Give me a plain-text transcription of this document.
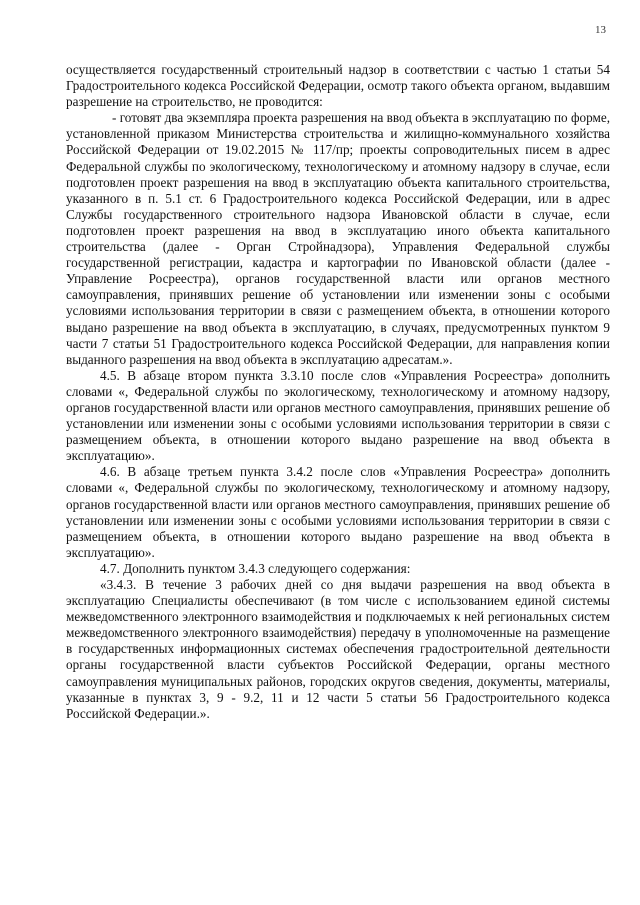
13

осуществляется государственный строительный надзор в соответствии с частью 1 статьи 54 Градостроительного кодекса Российской Федерации, осмотр такого объекта органом, выдавшим разрешение на строительство, не проводится:

- готовят два экземпляра проекта разрешения на ввод объекта в эксплуатацию по форме, установленной приказом Министерства строительства и жилищно-коммунального хозяйства Российской Федерации от 19.02.2015 № 117/пр; проекты сопроводительных писем в адрес Федеральной службы по экологическому, технологическому и атомному надзору в случае, если подготовлен проект разрешения на ввод в эксплуатацию объекта капитального строительства, указанного в п. 5.1 ст. 6 Градостроительного кодекса Российской Федерации, или в адрес Службы государственного строительного надзора Ивановской области в случае, если подготовлен проект разрешения на ввод в эксплуатацию иного объекта капитального строительства (далее - Орган Стройнадзора), Управления Федеральной службы государственной регистрации, кадастра и картографии по Ивановской области (далее - Управление Росреестра), органов государственной власти или органов местного самоуправления, принявших решение об установлении или изменении зоны с особыми условиями использования территории в связи с размещением объекта, в отношении которого выдано разрешение на ввод объекта в эксплуатацию, в случаях, предусмотренных пунктом 9 части 7 статьи 51 Градостроительного кодекса Российской Федерации, для направления копии выданного разрешения на ввод объекта в эксплуатацию адресатам.».

4.5. В абзаце втором пункта 3.3.10 после слов «Управления Росреестра» дополнить словами «, Федеральной службы по экологическому, технологическому и атомному надзору, органов государственной власти или органов местного самоуправления, принявших решение об установлении или изменении зоны с особыми условиями использования территории в связи с размещением объекта, в отношении которого выдано разрешение на ввод объекта в эксплуатацию».

4.6. В абзаце третьем пункта 3.4.2 после слов «Управления Росреестра» дополнить словами «, Федеральной службы по экологическому, технологическому и атомному надзору, органов государственной власти или органов местного самоуправления, принявших решение об установлении или изменении зоны с особыми условиями использования территории в связи с размещением объекта, в отношении которого выдано разрешение на ввод объекта в эксплуатацию».

4.7. Дополнить пунктом 3.4.3 следующего содержания:

«3.4.3. В течение 3 рабочих дней со дня выдачи разрешения на ввод объекта в эксплуатацию Специалисты обеспечивают (в том числе с использованием единой системы межведомственного электронного взаимодействия и подключаемых к ней региональных систем межведомственного электронного взаимодействия) передачу в уполномоченные на размещение в государственных информационных системах обеспечения градостроительной деятельности органы государственной власти субъектов Российской Федерации, органы местного самоуправления муниципальных районов, городских округов сведения, документы, материалы, указанные в пунктах 3, 9 - 9.2, 11 и 12 части 5 статьи 56 Градостроительного кодекса Российской Федерации.».
